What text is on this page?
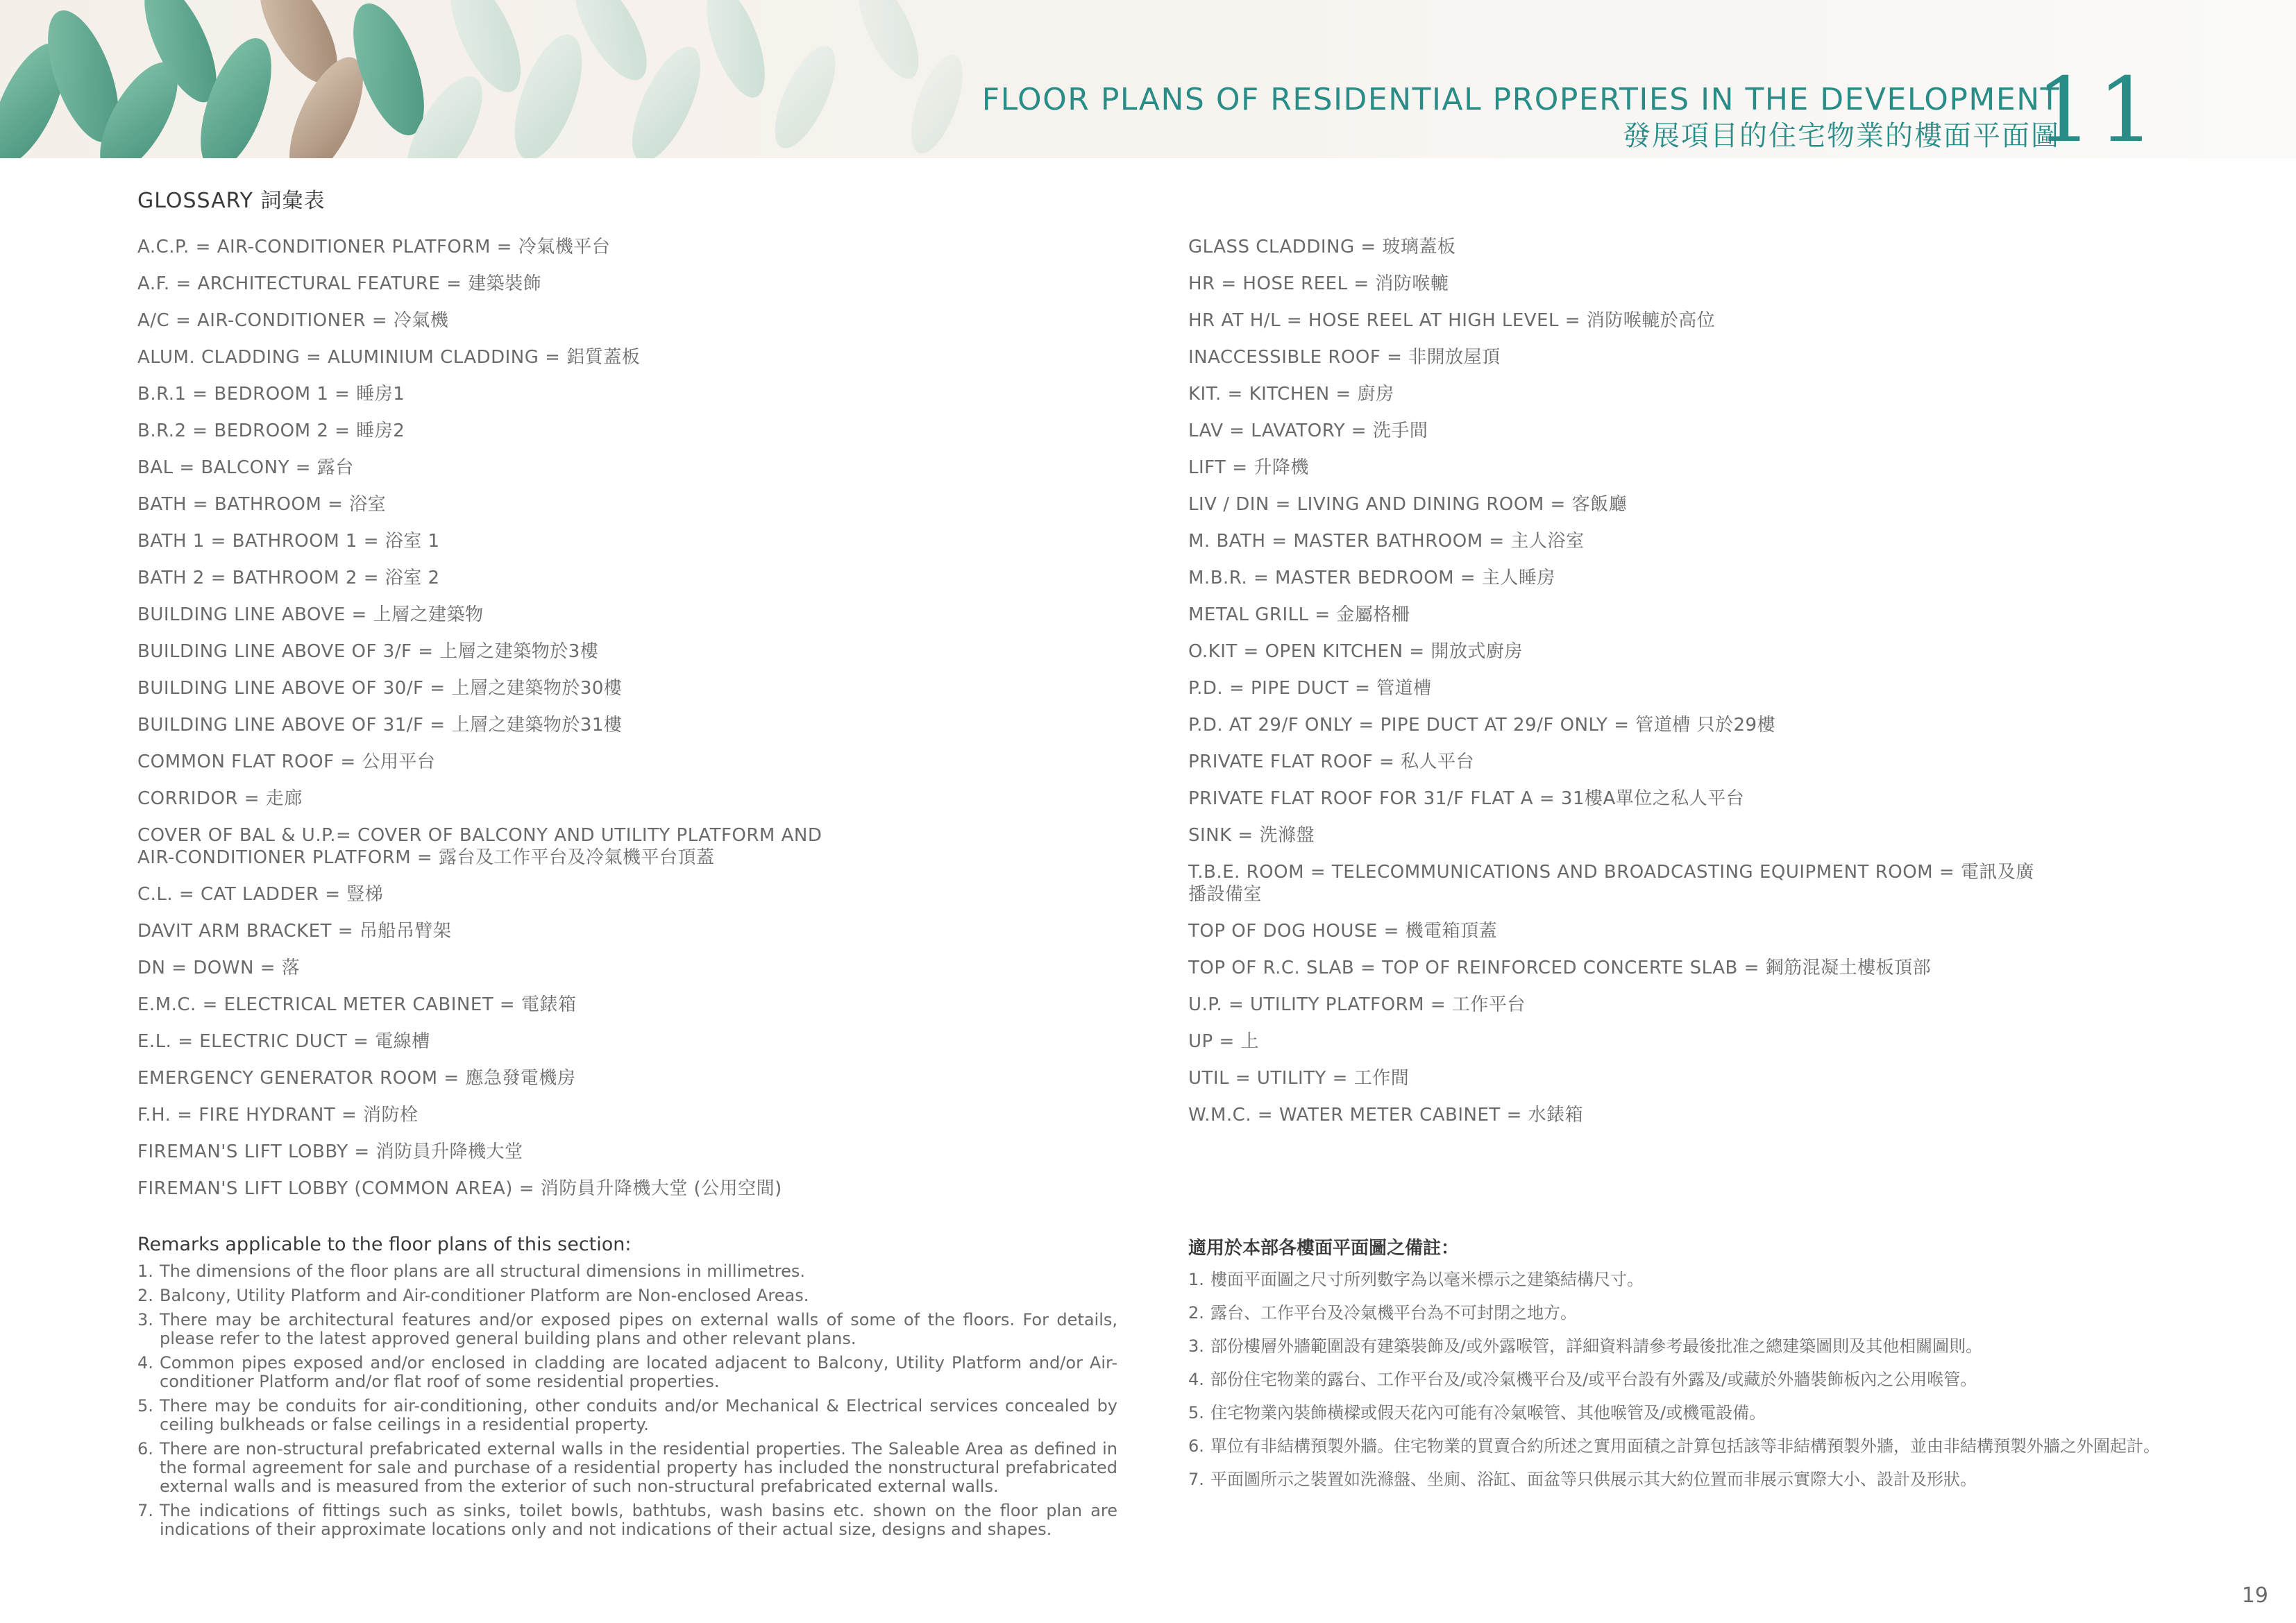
FLOOR PLANS OF RESIDENTIAL PROPERTIES IN THE DEVELOPMENT
發展項目的住宅物業的樓面平面圖
11
GLOSSARY 詞彙表
A.C.P. = AIR-CONDITIONER PLATFORM = 冷氣機平台
A.F. = ARCHITECTURAL FEATURE = 建築裝飾
A/C = AIR-CONDITIONER = 冷氣機
ALUM. CLADDING = ALUMINIUM CLADDING = 鋁質蓋板
B.R.1 = BEDROOM 1 = 睡房1
B.R.2 = BEDROOM 2 = 睡房2
BAL = BALCONY = 露台
BATH = BATHROOM = 浴室
BATH 1 = BATHROOM 1 = 浴室 1
BATH 2 = BATHROOM 2 = 浴室 2
BUILDING LINE ABOVE = 上層之建築物
BUILDING LINE ABOVE OF 3/F = 上層之建築物於3樓
BUILDING LINE ABOVE OF 30/F = 上層之建築物於30樓
BUILDING LINE ABOVE OF 31/F = 上層之建築物於31樓
COMMON FLAT ROOF = 公用平台
CORRIDOR = 走廊
COVER OF BAL & U.P.= COVER OF BALCONY AND UTILITY PLATFORM AND
AIR-CONDITIONER PLATFORM = 露台及工作平台及冷氣機平台頂蓋
C.L. = CAT LADDER = 豎梯
DAVIT ARM BRACKET = 吊船吊臂架
DN = DOWN = 落
E.M.C. = ELECTRICAL METER CABINET = 電錶箱
E.L. = ELECTRIC DUCT = 電線槽
EMERGENCY GENERATOR ROOM = 應急發電機房
F.H. = FIRE HYDRANT = 消防栓
FIREMAN'S LIFT LOBBY = 消防員升降機大堂
FIREMAN'S LIFT LOBBY (COMMON AREA) = 消防員升降機大堂 (公用空間)
GLASS CLADDING = 玻璃蓋板
HR = HOSE REEL = 消防喉轆
HR AT H/L = HOSE REEL AT HIGH LEVEL = 消防喉轆於高位
INACCESSIBLE ROOF = 非開放屋頂
KIT. = KITCHEN = 廚房
LAV = LAVATORY = 洗手間
LIFT = 升降機
LIV / DIN = LIVING AND DINING ROOM = 客飯廳
M. BATH = MASTER BATHROOM = 主人浴室
M.B.R. = MASTER BEDROOM = 主人睡房
METAL GRILL = 金屬格柵
O.KIT = OPEN KITCHEN = 開放式廚房
P.D. = PIPE DUCT = 管道槽
P.D. AT 29/F ONLY = PIPE DUCT AT 29/F ONLY = 管道槽 只於29樓
PRIVATE FLAT ROOF = 私人平台
PRIVATE FLAT ROOF FOR 31/F FLAT A = 31樓A單位之私人平台
SINK = 洗滌盤
T.B.E. ROOM = TELECOMMUNICATIONS AND BROADCASTING EQUIPMENT ROOM = 電訊及廣
播設備室
TOP OF DOG HOUSE = 機電箱頂蓋
TOP OF R.C. SLAB = TOP OF REINFORCED CONCERTE SLAB = 鋼筋混凝土樓板頂部
U.P. = UTILITY PLATFORM = 工作平台
UP = 上
UTIL = UTILITY = 工作間
W.M.C. = WATER METER CABINET = 水錶箱
Remarks applicable to the floor plans of this section:
1. The dimensions of the floor plans are all structural dimensions in millimetres.
2. Balcony, Utility Platform and Air-conditioner Platform are Non-enclosed Areas.
3. There may be architectural features and/or exposed pipes on external walls of some of the floors. For details, please refer to the latest approved general building plans and other relevant plans.
4. Common pipes exposed and/or enclosed in cladding are located adjacent to Balcony, Utility Platform and/or Air-conditioner Platform and/or flat roof of some residential properties.
5. There may be conduits for air-conditioning, other conduits and/or Mechanical & Electrical services concealed by ceiling bulkheads or false ceilings in a residential property.
6. There are non-structural prefabricated external walls in the residential properties. The Saleable Area as defined in the formal agreement for sale and purchase of a residential property has included the nonstructural prefabricated external walls and is measured from the exterior of such non-structural prefabricated external walls.
7. The indications of fittings such as sinks, toilet bowls, bathtubs, wash basins etc. shown on the floor plan are indications of their approximate locations only and not indications of their actual size, designs and shapes.
適用於本部各樓面平面圖之備註：
1. 樓面平面圖之尺寸所列數字為以毫米標示之建築結構尺寸。
2. 露台、工作平台及冷氣機平台為不可封閉之地方。
3. 部份樓層外牆範圍設有建築裝飾及/或外露喉管，詳細資料請參考最後批准之總建築圖則及其他相關圖則。
4. 部份住宅物業的露台、工作平台及/或冷氣機平台及/或平台設有外露及/或藏於外牆裝飾板內之公用喉管。
5. 住宅物業內裝飾橫樑或假天花內可能有冷氣喉管、其他喉管及/或機電設備。
6. 單位有非結構預製外牆。住宅物業的買賣合約所述之實用面積之計算包括該等非結構預製外牆，並由非結構預製外牆之外圍起計。
7. 平面圖所示之裝置如洗滌盤、坐廁、浴缸、面盆等只供展示其大約位置而非展示實際大小、設計及形狀。
19
